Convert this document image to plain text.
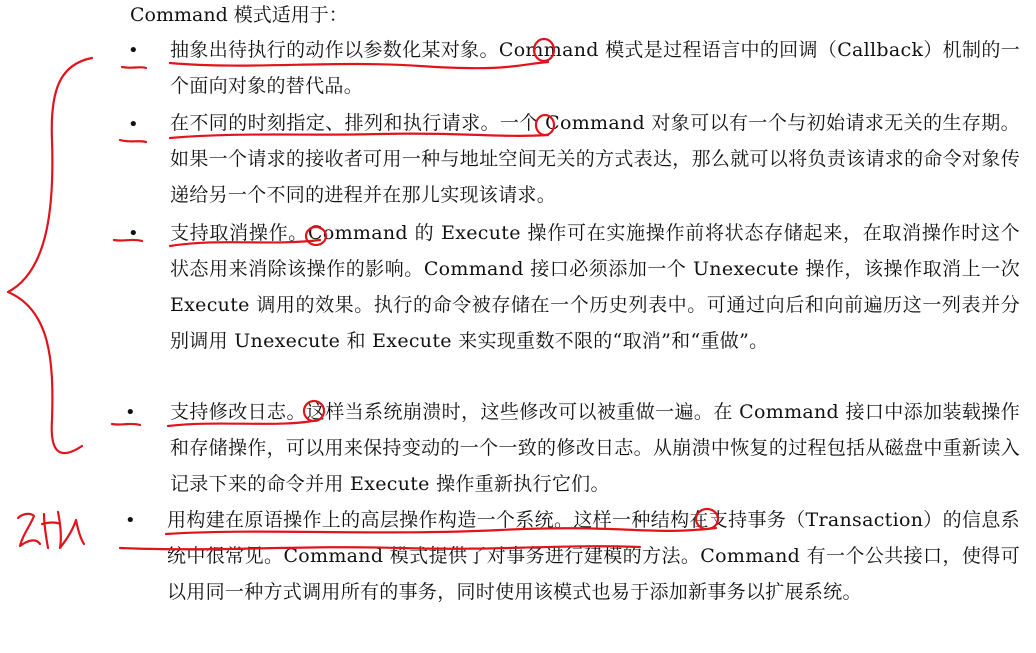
Command 模式适用于：
• 抽象出待执行的动作以参数化某对象。Command 模式是过程语言中的回调（Callback）机制的一个面向对象的替代品。
• 在不同的时刻指定、排列和执行请求。一个 Command 对象可以有一个与初始请求无关的生存期。如果一个请求的接收者可用一种与地址空间无关的方式表达，那么就可以将负责该请求的命令对象传递给另一个不同的进程并在那儿实现该请求。
• 支持取消操作。Command 的 Execute 操作可在实施操作前将状态存储起来，在取消操作时这个状态用来消除该操作的影响。Command 接口必须添加一个 Unexecute 操作，该操作取消上一次 Execute 调用的效果。执行的命令被存储在一个历史列表中。可通过向后和向前遍历这一列表并分别调用 Unexecute 和 Execute 来实现重数不限的“取消”和“重做”。
• 支持修改日志。这样当系统崩溃时，这些修改可以被重做一遍。在 Command 接口中添加装载操作和存储操作，可以用来保持变动的一个一致的修改日志。从崩溃中恢复的过程包括从磁盘中重新读入记录下来的命令并用 Execute 操作重新执行它们。
• 用构建在原语操作上的高层操作构造一个系统。这样一种结构在支持事务（Transaction）的信息系统中很常见。Command 模式提供了对事务进行建模的方法。Command 有一个公共接口，使得可以用同一种方式调用所有的事务，同时使用该模式也易于添加新事务以扩展系统。
